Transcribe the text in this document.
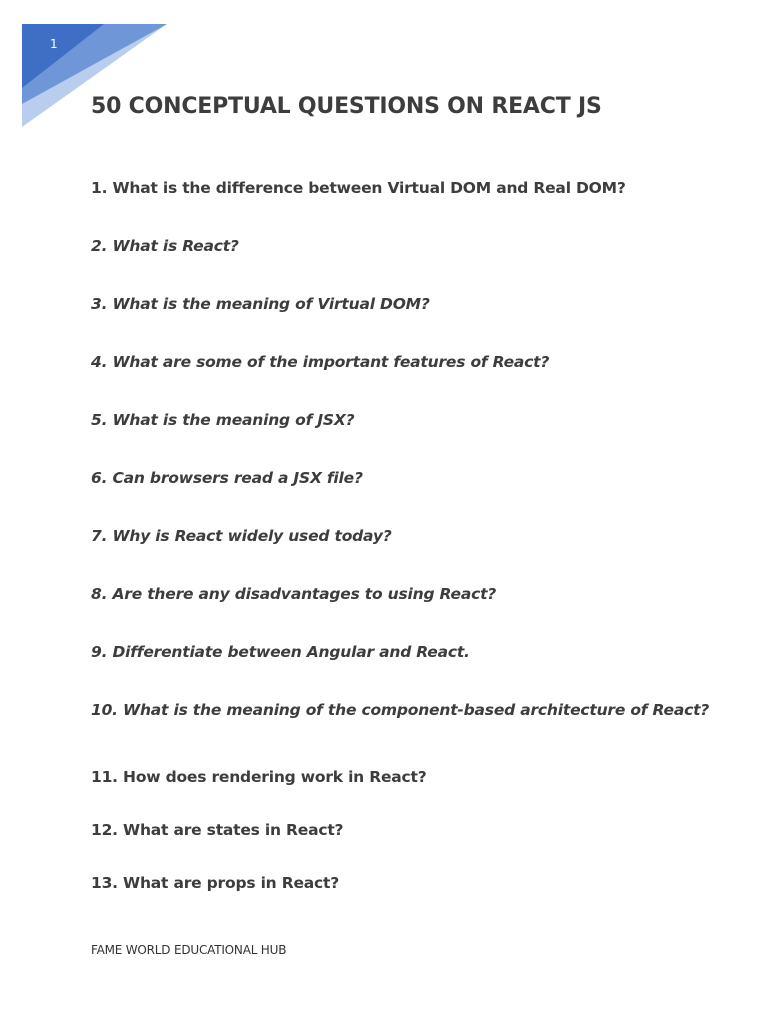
1
50 CONCEPTUAL QUESTIONS ON REACT JS

1. What is the difference between Virtual DOM and Real DOM?

2. What is React?

3. What is the meaning of Virtual DOM?

4. What are some of the important features of React?

5. What is the meaning of JSX?

6. Can browsers read a JSX file?

7. Why is React widely used today?

8. Are there any disadvantages to using React?

9. Differentiate between Angular and React.

10. What is the meaning of the component-based architecture of React?

11. How does rendering work in React?

12. What are states in React?

13. What are props in React?

FAME WORLD EDUCATIONAL HUB
